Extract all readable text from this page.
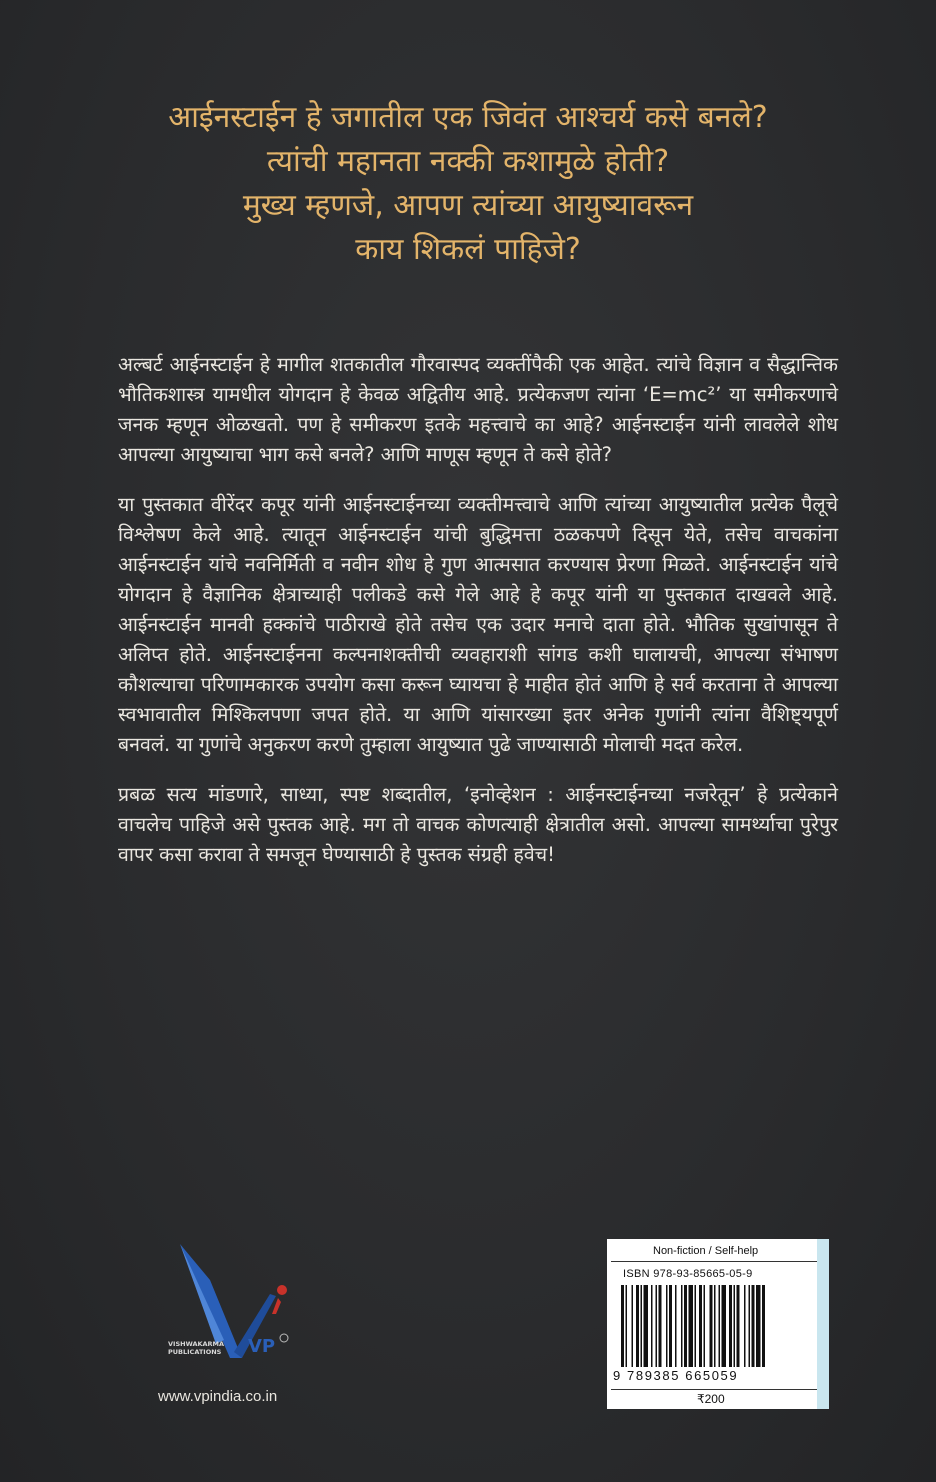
आईनस्टाईन हे जगातील एक जिवंत आश्चर्य कसे बनले?
त्यांची महानता नक्की कशामुळे होती?
मुख्य म्हणजे, आपण त्यांच्या आयुष्यावरून
काय शिकलं पाहिजे?

अल्बर्ट आईनस्टाईन हे मागील शतकातील गौरवास्पद व्यक्तींपैकी एक आहेत. त्यांचे विज्ञान व सैद्धान्तिक भौतिकशास्त्र यामधील योगदान हे केवळ अद्वितीय आहे. प्रत्येकजण त्यांना ‘E=mc²’ या समीकरणाचे जनक म्हणून ओळखतो. पण हे समीकरण इतके महत्त्वाचे का आहे? आईनस्टाईन यांनी लावलेले शोध आपल्या आयुष्याचा भाग कसे बनले? आणि माणूस म्हणून ते कसे होते?

या पुस्तकात वीरेंदर कपूर यांनी आईनस्टाईनच्या व्यक्तीमत्त्वाचे आणि त्यांच्या आयुष्यातील प्रत्येक पैलूचे विश्लेषण केले आहे. त्यातून आईनस्टाईन यांची बुद्धिमत्ता ठळकपणे दिसून येते, तसेच वाचकांना आईनस्टाईन यांचे नवनिर्मिती व नवीन शोध हे गुण आत्मसात करण्यास प्रेरणा मिळते. आईनस्टाईन यांचे योगदान हे वैज्ञानिक क्षेत्राच्याही पलीकडे कसे गेले आहे हे कपूर यांनी या पुस्तकात दाखवले आहे. आईनस्टाईन मानवी हक्कांचे पाठीराखे होते तसेच एक उदार मनाचे दाता होते. भौतिक सुखांपासून ते अलिप्त होते. आईनस्टाईनना कल्पनाशक्तीची व्यवहाराशी सांगड कशी घालायची, आपल्या संभाषण कौशल्याचा परिणामकारक उपयोग कसा करून घ्यायचा हे माहीत होतं आणि हे सर्व करताना ते आपल्या स्वभावातील मिश्किलपणा जपत होते. या आणि यांसारख्या इतर अनेक गुणांनी त्यांना वैशिष्ट्यपूर्ण बनवलं. या गुणांचे अनुकरण करणे तुम्हाला आयुष्यात पुढे जाण्यासाठी मोलाची मदत करेल.

प्रबळ सत्य मांडणारे, साध्या, स्पष्ट शब्दातील, ‘इनोव्हेशन : आईनस्टाईनच्या नजरेतून’ हे प्रत्येकाने वाचलेच पाहिजे असे पुस्तक आहे. मग तो वाचक कोणत्याही क्षेत्रातील असो. आपल्या सामर्थ्याचा पुरेपुर वापर कसा करावा ते समजून घेण्यासाठी हे पुस्तक संग्रही हवेच!

VP
VISHWAKARMA
PUBLICATIONS
www.vpindia.co.in
Non-fiction / Self-help
ISBN 978-93-85665-05-9
9 789385 665059
₹200
